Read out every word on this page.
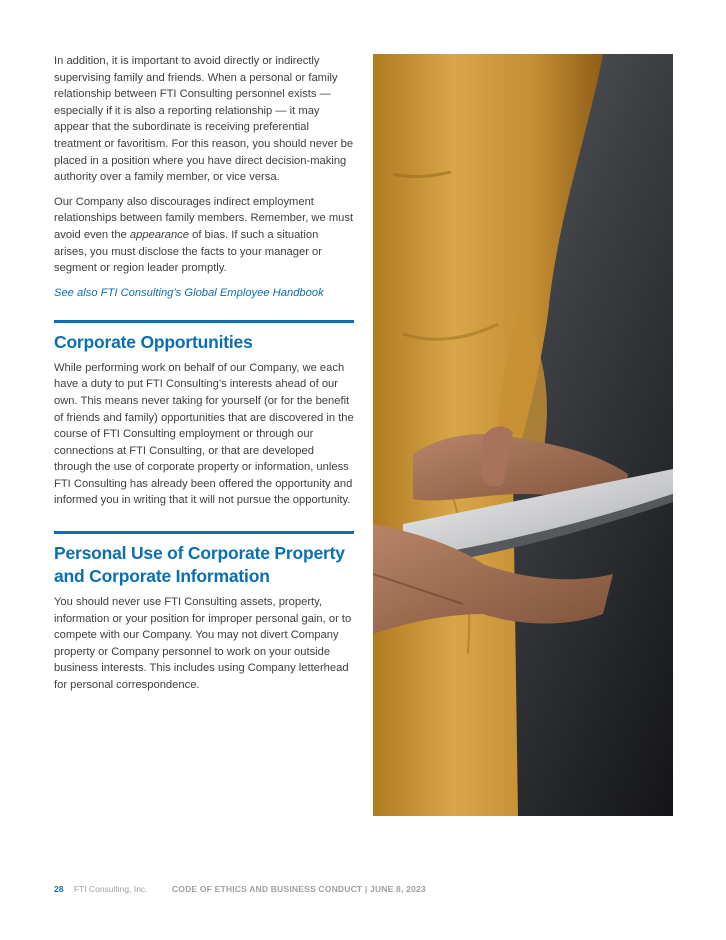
In addition, it is important to avoid directly or indirectly supervising family and friends. When a personal or family relationship between FTI Consulting personnel exists — especially if it is also a reporting relationship — it may appear that the subordinate is receiving preferential treatment or favoritism. For this reason, you should never be placed in a position where you have direct decision-making authority over a family member, or vice versa.

Our Company also discourages indirect employment relationships between family members. Remember, we must avoid even the appearance of bias. If such a situation arises, you must disclose the facts to your manager or segment or region leader promptly.

See also FTI Consulting’s Global Employee Handbook

Corporate Opportunities

While performing work on behalf of our Company, we each have a duty to put FTI Consulting’s interests ahead of our own. This means never taking for yourself (or for the benefit of friends and family) opportunities that are discovered in the course of FTI Consulting employment or through our connections at FTI Consulting, or that are developed through the use of corporate property or information, unless FTI Consulting has already been offered the opportunity and informed you in writing that it will not pursue the opportunity.

Personal Use of Corporate Property and Corporate Information

You should never use FTI Consulting assets, property, information or your position for improper personal gain, or to compete with our Company. You may not divert Company property or Company personnel to work on your outside business interests. This includes using Company letterhead for personal correspondence.

28 FTI Consulting, Inc.	CODE OF ETHICS AND BUSINESS CONDUCT | JUNE 8, 2023
